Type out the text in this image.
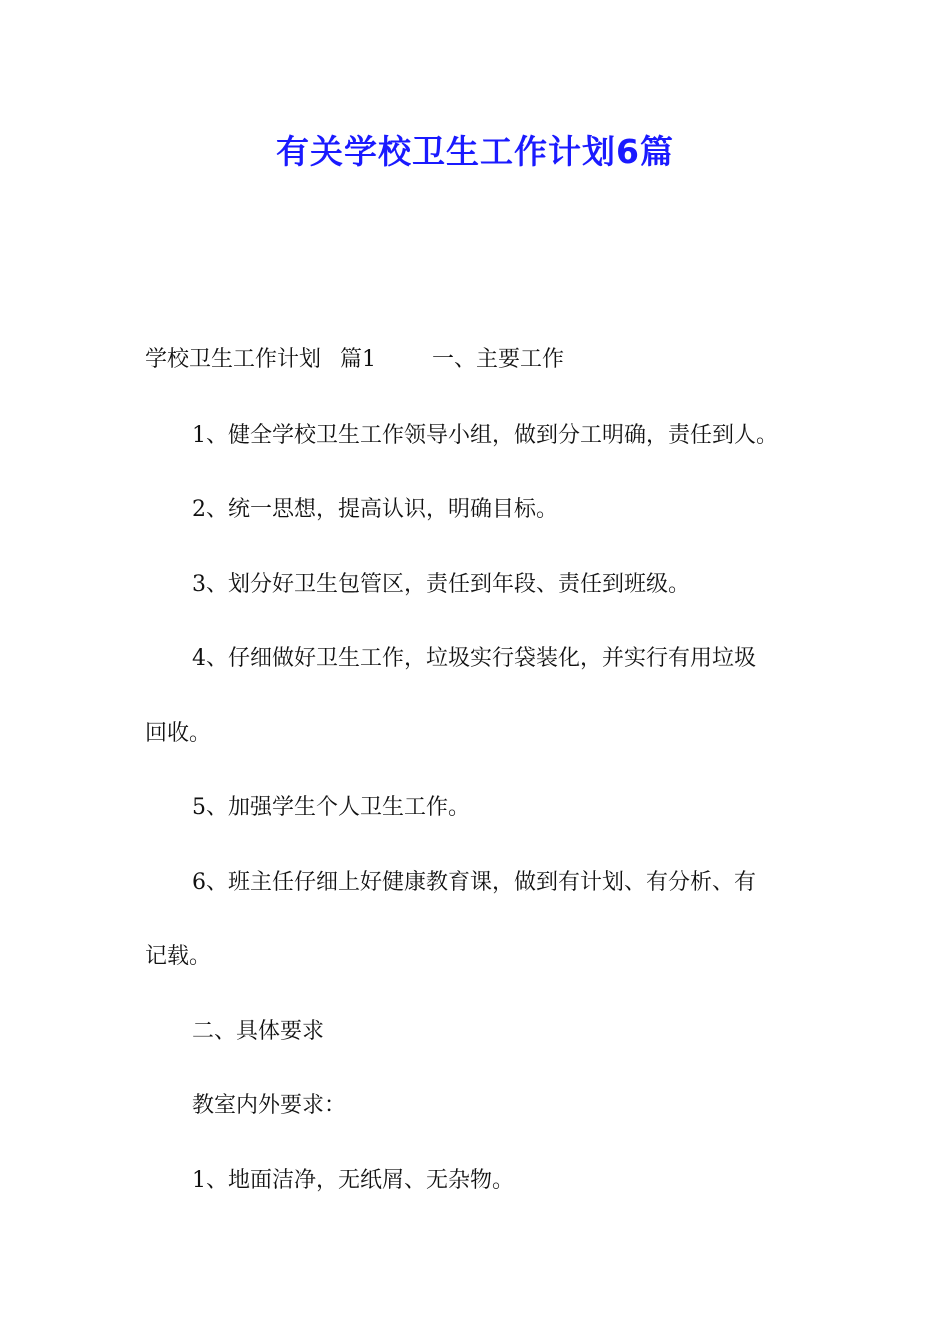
有关学校卫生工作计划6篇
学校卫生工作计划 篇1	一、主要工作
1、健全学校卫生工作领导小组，做到分工明确，责任到人。
2、统一思想，提高认识，明确目标。
3、划分好卫生包管区，责任到年段、责任到班级。
4、仔细做好卫生工作，垃圾实行袋装化，并实行有用垃圾
回收。
5、加强学生个人卫生工作。
6、班主任仔细上好健康教育课，做到有计划、有分析、有
记载。
二、具体要求
教室内外要求：
1、地面洁净，无纸屑、无杂物。
